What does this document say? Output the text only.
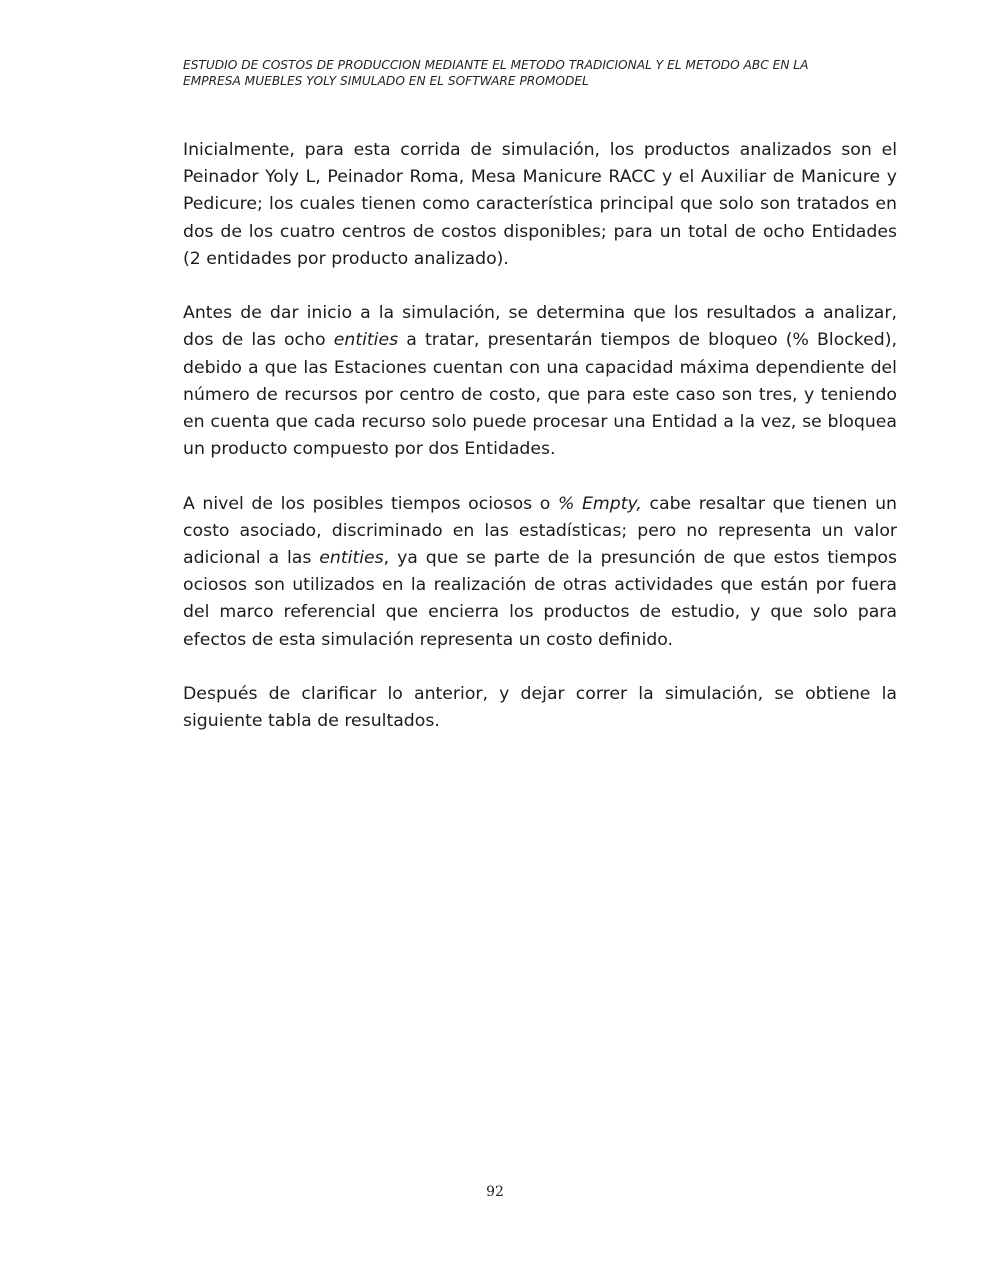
ESTUDIO DE COSTOS DE PRODUCCION MEDIANTE EL METODO TRADICIONAL Y EL METODO ABC EN LA
EMPRESA MUEBLES YOLY SIMULADO EN EL SOFTWARE PROMODEL

Inicialmente, para esta corrida de simulación, los productos analizados son el Peinador Yoly L, Peinador Roma, Mesa Manicure RACC y el Auxiliar de Manicure y Pedicure; los cuales tienen como característica principal que solo son tratados en dos de los cuatro centros de costos disponibles; para un total de ocho Entidades (2 entidades por producto analizado).

Antes de dar inicio a la simulación, se determina que los resultados a analizar, dos de las ocho entities a tratar, presentarán tiempos de bloqueo (% Blocked), debido a que las Estaciones cuentan con una capacidad máxima dependiente del número de recursos por centro de costo, que para este caso son tres, y teniendo en cuenta que cada recurso solo puede procesar una Entidad a la vez, se bloquea un producto compuesto por dos Entidades.

A nivel de los posibles tiempos ociosos o % Empty, cabe resaltar que tienen un costo asociado, discriminado en las estadísticas; pero no representa un valor adicional a las entities, ya que se parte de la presunción de que estos tiempos ociosos son utilizados en la realización de otras actividades que están por fuera del marco referencial que encierra los productos de estudio, y que solo para efectos de esta simulación representa un costo definido.

Después de clarificar lo anterior, y dejar correr la simulación, se obtiene la siguiente tabla de resultados.

92
